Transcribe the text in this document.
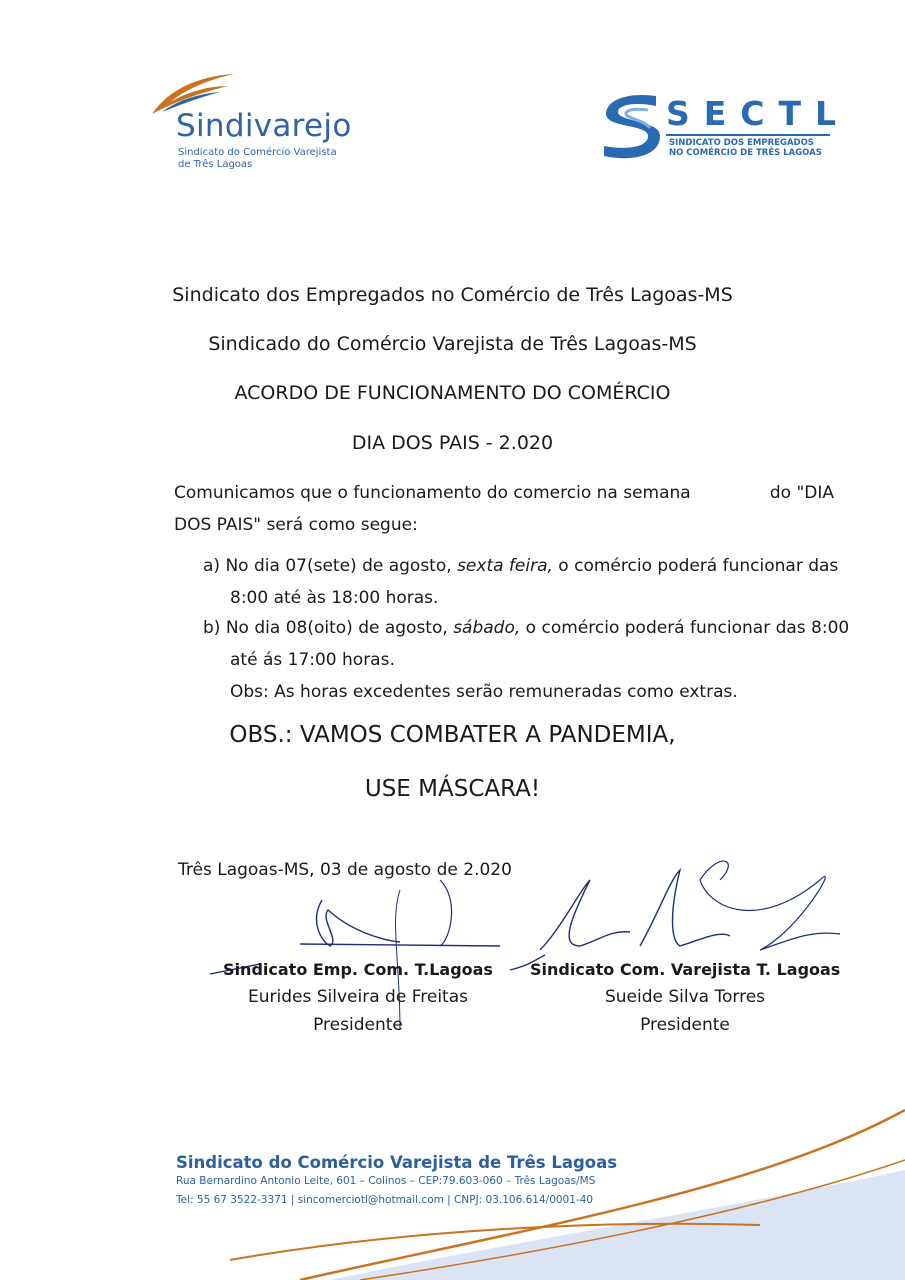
Sindivarejo
Sindicato do Comércio Varejista
de Três Lagoas
SECTL
SINDICATO DOS EMPREGADOS
NO COMÉRCIO DE TRÊS LAGOAS
Sindicato dos Empregados no Comércio de Três Lagoas-MS
Sindicado do Comércio Varejista de Três Lagoas-MS
ACORDO DE FUNCIONAMENTO DO COMÉRCIO
DIA DOS PAIS - 2.020
Comunicamos que o funcionamento do comercio na semana	do "DIA
DOS PAIS" será como segue:
a) No dia 07(sete) de agosto, sexta feira, o comércio poderá funcionar das
8:00 até às 18:00 horas.
b) No dia 08(oito) de agosto, sábado, o comércio poderá funcionar das 8:00
até ás 17:00 horas.
Obs: As horas excedentes serão remuneradas como extras.
OBS.: VAMOS COMBATER A PANDEMIA,
USE MÁSCARA!
Três Lagoas-MS, 03 de agosto de 2.020
Sindicato Emp. Com. T.Lagoas
Eurides Silveira de Freitas
Presidente
Sindicato Com. Varejista T. Lagoas
Sueide Silva Torres
Presidente
Sindicato do Comércio Varejista de Três Lagoas
Rua Bernardino Antonio Leite, 601 – Colinos – CEP:79.603-060 – Três Lagoas/MS
Tel: 55 67 3522-3371 | sincomerciotl@hotmail.com | CNPJ: 03.106.614/0001-40
